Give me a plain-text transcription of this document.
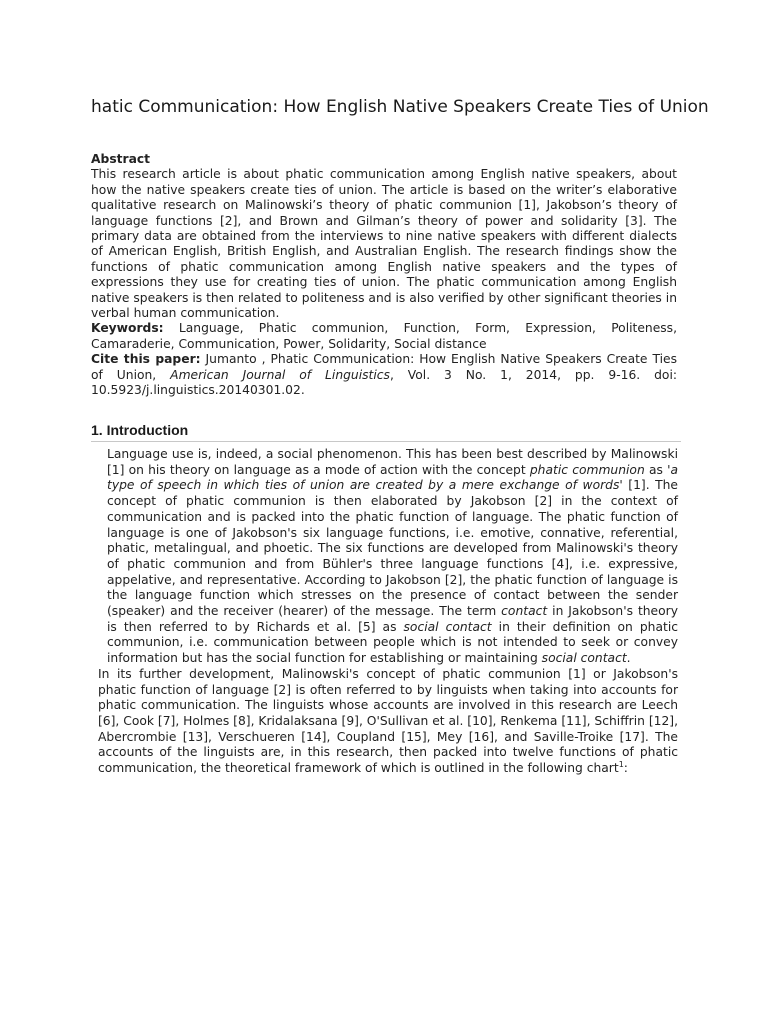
hatic Communication: How English Native Speakers Create Ties of Union
Abstract

This research article is about phatic communication among English native speakers, about how the native speakers create ties of union. The article is based on the writer’s elaborative qualitative research on Malinowski’s theory of phatic communion [1], Jakobson’s theory of language functions [2], and Brown and Gilman’s theory of power and solidarity [3]. The primary data are obtained from the interviews to nine native speakers with different dialects of American English, British English, and Australian English. The research findings show the functions of phatic communication among English native speakers and the types of expressions they use for creating ties of union. The phatic communication among English native speakers is then related to politeness and is also verified by other significant theories in verbal human communication.

Keywords: Language, Phatic communion, Function, Form, Expression, Politeness, Camaraderie, Communication, Power, Solidarity, Social distance

Cite this paper: Jumanto , Phatic Communication: How English Native Speakers Create Ties of Union, American Journal of Linguistics, Vol. 3 No. 1, 2014, pp. 9-16. doi: 10.5923/j.linguistics.20140301.02.

1. Introduction

Language use is, indeed, a social phenomenon. This has been best described by Malinowski [1] on his theory on language as a mode of action with the concept phatic communion as 'a type of speech in which ties of union are created by a mere exchange of words' [1]. The concept of phatic communion is then elaborated by Jakobson [2] in the context of communication and is packed into the phatic function of language. The phatic function of language is one of Jakobson's six language functions, i.e. emotive, connative, referential, phatic, metalingual, and phoetic. The six functions are developed from Malinowski's theory of phatic communion and from Bühler's three language functions [4], i.e. expressive, appelative, and representative. According to Jakobson [2], the phatic function of language is the language function which stresses on the presence of contact between the sender (speaker) and the receiver (hearer) of the message. The term contact in Jakobson's theory is then referred to by Richards et al. [5] as social contact in their definition on phatic communion, i.e. communication between people which is not intended to seek or convey information but has the social function for establishing or maintaining social contact.

In its further development, Malinowski's concept of phatic communion [1] or Jakobson's phatic function of language [2] is often referred to by linguists when taking into accounts for phatic communication. The linguists whose accounts are involved in this research are Leech [6], Cook [7], Holmes [8], Kridalaksana [9], O'Sullivan et al. [10], Renkema [11], Schiffrin [12], Abercrombie [13], Verschueren [14], Coupland [15], Mey [16], and Saville-Troike [17]. The accounts of the linguists are, in this research, then packed into twelve functions of phatic communication, the theoretical framework of which is outlined in the following chart$^1$:
